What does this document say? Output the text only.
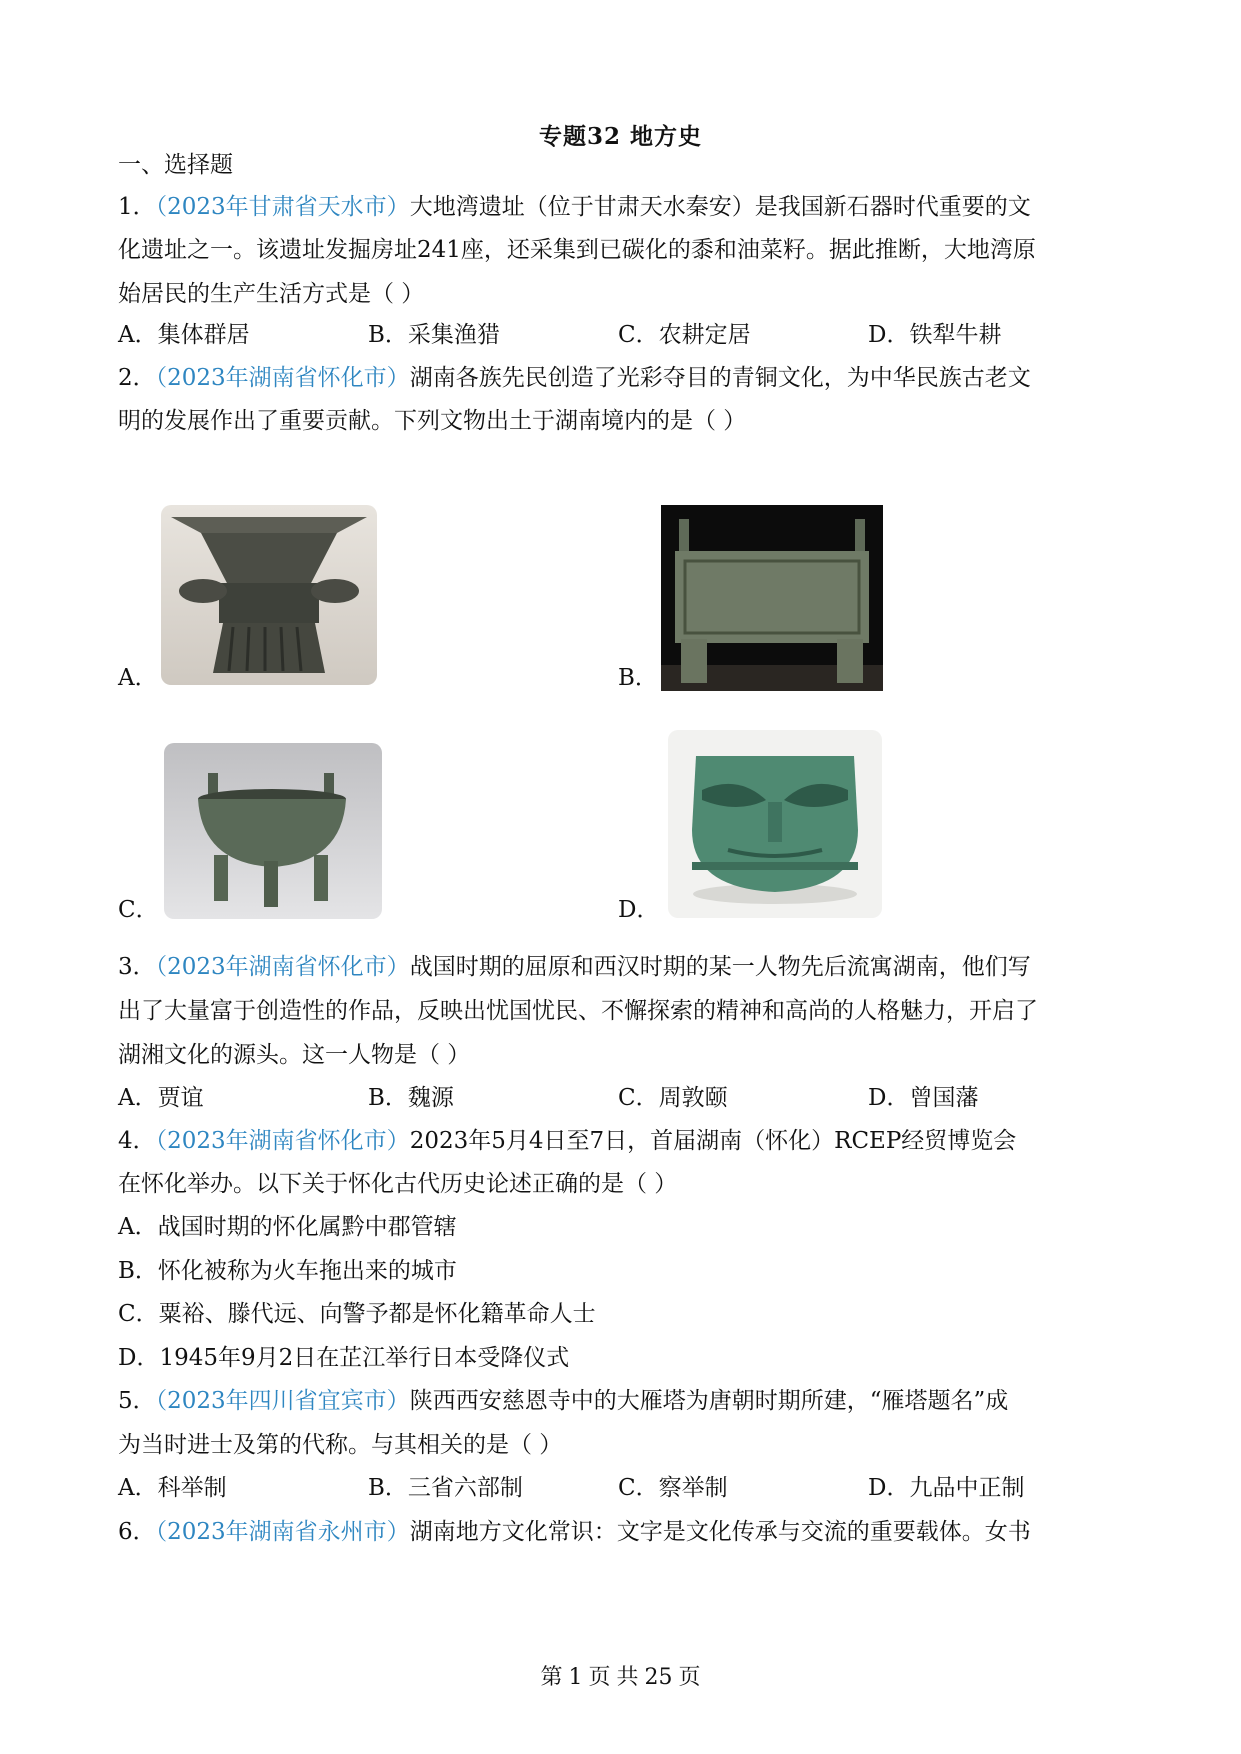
专题32 地方史
一、选择题
1．（2023年甘肃省天水市）大地湾遗址（位于甘肃天水秦安）是我国新石器时代重要的文
化遗址之一。该遗址发掘房址241座，还采集到已碳化的黍和油菜籽。据此推断，大地湾原
始居民的生产生活方式是（ ）
A．集体群居	B．采集渔猎	C．农耕定居	D．铁犁牛耕
2．（2023年湖南省怀化市）湖南各族先民创造了光彩夺目的青铜文化，为中华民族古老文
明的发展作出了重要贡献。下列文物出土于湖南境内的是（ ）
A．	B．
C．	D．
3．（2023年湖南省怀化市）战国时期的屈原和西汉时期的某一人物先后流寓湖南，他们写
出了大量富于创造性的作品，反映出忧国忧民、不懈探索的精神和高尚的人格魅力，开启了
湖湘文化的源头。这一人物是（ ）
A．贾谊	B．魏源	C．周敦颐	D．曾国藩
4．（2023年湖南省怀化市）2023年5月4日至7日，首届湖南（怀化）RCEP经贸博览会
在怀化举办。以下关于怀化古代历史论述正确的是（ ）
A．战国时期的怀化属黔中郡管辖
B．怀化被称为火车拖出来的城市
C．粟裕、滕代远、向警予都是怀化籍革命人士
D．1945年9月2日在芷江举行日本受降仪式
5．（2023年四川省宜宾市）陕西西安慈恩寺中的大雁塔为唐朝时期所建，“雁塔题名”成
为当时进士及第的代称。与其相关的是（ ）
A．科举制	B．三省六部制	C．察举制	D．九品中正制
6．（2023年湖南省永州市）湖南地方文化常识：文字是文化传承与交流的重要载体。女书
第 1 页 共 25 页
